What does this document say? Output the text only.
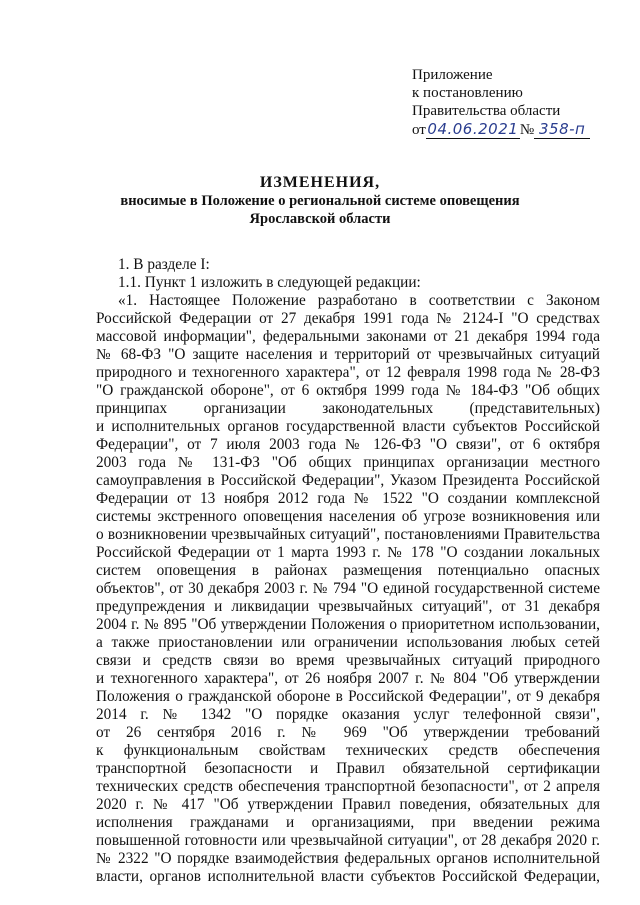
Приложение
к постановлению
Правительства области
от 04.06.2021 № 358-п
ИЗМЕНЕНИЯ,
вносимые в Положение о региональной системе оповещения
Ярославской области
1. В разделе I:
1.1. Пункт 1 изложить в следующей редакции:
«1. Настоящее Положение разработано в соответствии с Законом
Российской Федерации от 27 декабря 1991 года № 2124-I "О средствах
массовой информации", федеральными законами от 21 декабря 1994 года
№ 68-ФЗ "О защите населения и территорий от чрезвычайных ситуаций
природного и техногенного характера", от 12 февраля 1998 года № 28-ФЗ
"О гражданской обороне", от 6 октября 1999 года № 184-ФЗ "Об общих
принципах организации законодательных (представительных)
и исполнительных органов государственной власти субъектов Российской
Федерации", от 7 июля 2003 года № 126-ФЗ "О связи", от 6 октября
2003 года № 131-ФЗ "Об общих принципах организации местного
самоуправления в Российской Федерации", Указом Президента Российской
Федерации от 13 ноября 2012 года № 1522 "О создании комплексной
системы экстренного оповещения населения об угрозе возникновения или
о возникновении чрезвычайных ситуаций", постановлениями Правительства
Российской Федерации от 1 марта 1993 г. № 178 "О создании локальных
систем оповещения в районах размещения потенциально опасных
объектов", от 30 декабря 2003 г. № 794 "О единой государственной системе
предупреждения и ликвидации чрезвычайных ситуаций", от 31 декабря
2004 г. № 895 "Об утверждении Положения о приоритетном использовании,
а также приостановлении или ограничении использования любых сетей
связи и средств связи во время чрезвычайных ситуаций природного
и техногенного характера", от 26 ноября 2007 г. № 804 "Об утверждении
Положения о гражданской обороне в Российской Федерации", от 9 декабря
2014 г. № 1342 "О порядке оказания услуг телефонной связи",
от 26 сентября 2016 г. № 969 "Об утверждении требований
к функциональным свойствам технических средств обеспечения
транспортной безопасности и Правил обязательной сертификации
технических средств обеспечения транспортной безопасности", от 2 апреля
2020 г. № 417 "Об утверждении Правил поведения, обязательных для
исполнения гражданами и организациями, при введении режима
повышенной готовности или чрезвычайной ситуации", от 28 декабря 2020 г.
№ 2322 "О порядке взаимодействия федеральных органов исполнительной
власти, органов исполнительной власти субъектов Российской Федерации,
